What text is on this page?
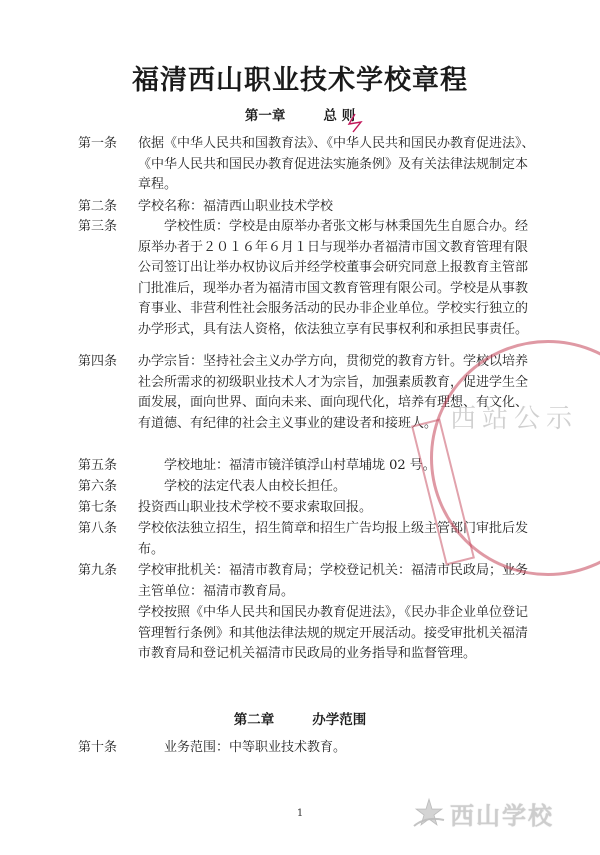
福清西山职业技术学校章程
第一章	总 则
第一条	依据《中华人民共和国教育法》、《中华人民共和国民办教育促进法》、《中华人民共和国民办教育促进法实施条例》及有关法律法规制定本章程。
第二条	学校名称：福清西山职业技术学校
第三条	学校性质：学校是由原举办者张文彬与林秉国先生自愿合办。经原举办者于２０１６年６月１日与现举办者福清市国文教育管理有限公司签订出让举办权协议后并经学校董事会研究同意上报教育主管部门批准后，现举办者为福清市国文教育管理有限公司。学校是从事教育事业、非营利性社会服务活动的民办非企业单位。学校实行独立的办学形式，具有法人资格，依法独立享有民事权利和承担民事责任。
第四条	办学宗旨：坚持社会主义办学方向，贯彻党的教育方针。学校以培养社会所需求的初级职业技术人才为宗旨，加强素质教育，促进学生全面发展，面向世界、面向未来、面向现代化，培养有理想、有文化、有道德、有纪律的社会主义事业的建设者和接班人。
第五条	学校地址：福清市镜洋镇浮山村草埔垅 02 号。
第六条	学校的法定代表人由校长担任。
第七条	投资西山职业技术学校不要求索取回报。
第八条	学校依法独立招生，招生简章和招生广告均报上级主管部门审批后发布。
第九条	学校审批机关：福清市教育局；学校登记机关：福清市民政局；业务主管单位：福清市教育局。
学校按照《中华人民共和国民办教育促进法》，《民办非企业单位登记管理暂行条例》和其他法律法规的规定开展活动。接受审批机关福清市教育局和登记机关福清市民政局的业务指导和监督管理。
第二章	办学范围
第十条	业务范围：中等职业技术教育。
西站公示
1	西山学校
